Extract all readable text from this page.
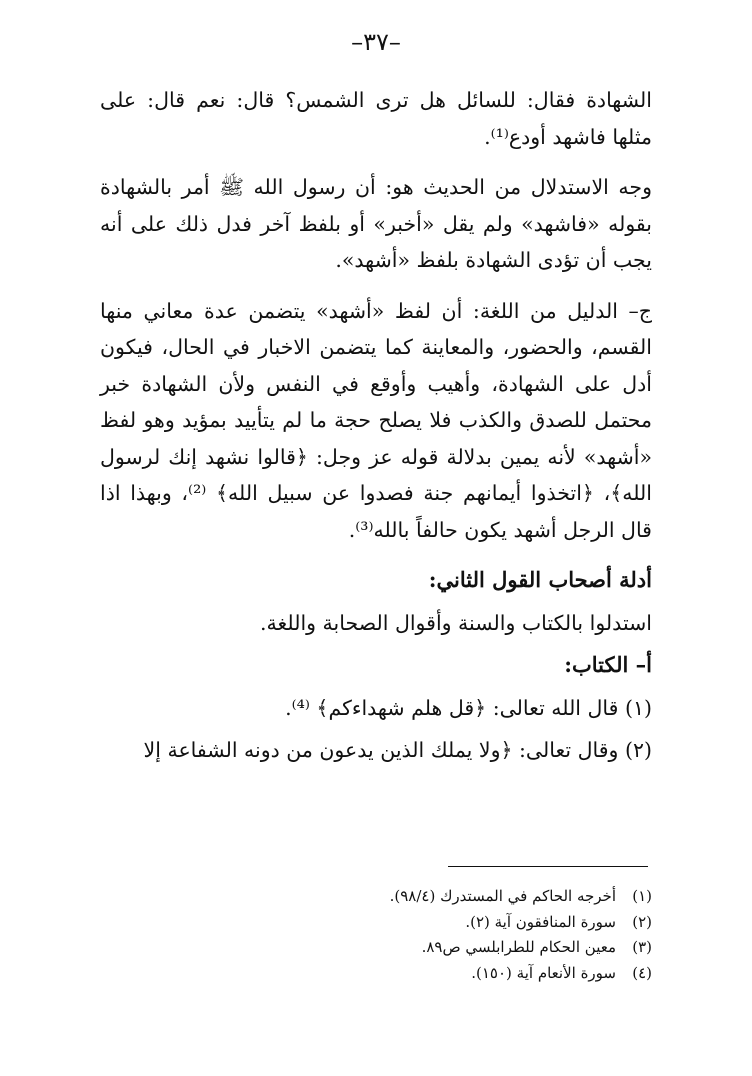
–٣٧–

الشهادة فقال: للسائل هل ترى الشمس؟ قال: نعم قال: على مثلها فاشهد أودع⁽¹⁾.

وجه الاستدلال من الحديث هو: أن رسول الله ﷺ أمر بالشهادة بقوله «فاشهد» ولم يقل «أخبر» أو بلفظ آخر فدل ذلك على أنه يجب أن تؤدى الشهادة بلفظ «أشهد».

ج– الدليل من اللغة: أن لفظ «أشهد» يتضمن عدة معاني منها القسم، والحضور، والمعاينة كما يتضمن الاخبار في الحال، فيكون أدل على الشهادة، وأهيب وأوقع في النفس ولأن الشهادة خبر محتمل للصدق والكذب فلا يصلح حجة ما لم يتأييد بمؤيد وهو لفظ «أشهد» لأنه يمين بدلالة قوله عز وجل: ﴿قالوا نشهد إنك لرسول الله﴾، ﴿اتخذوا أيمانهم جنة فصدوا عن سبيل الله﴾ ⁽²⁾، وبهذا اذا قال الرجل أشهد يكون حالفاً بالله⁽³⁾.

أدلة أصحاب القول الثاني:

استدلوا بالكتاب والسنة وأقوال الصحابة واللغة.

أ– الكتاب:

(١) قال الله تعالى: ﴿قل هلم شهداءكم﴾ ⁽⁴⁾.

(٢) وقال تعالى: ﴿ولا يملك الذين يدعون من دونه الشفاعة إلا

(١)
أخرجه الحاكم في المستدرك (٩٨/٤).
(٢)
سورة المنافقون آية (٢).
(٣)
معين الحكام للطرابلسي ص٨٩.
(٤)
سورة الأنعام آية (١٥٠).
